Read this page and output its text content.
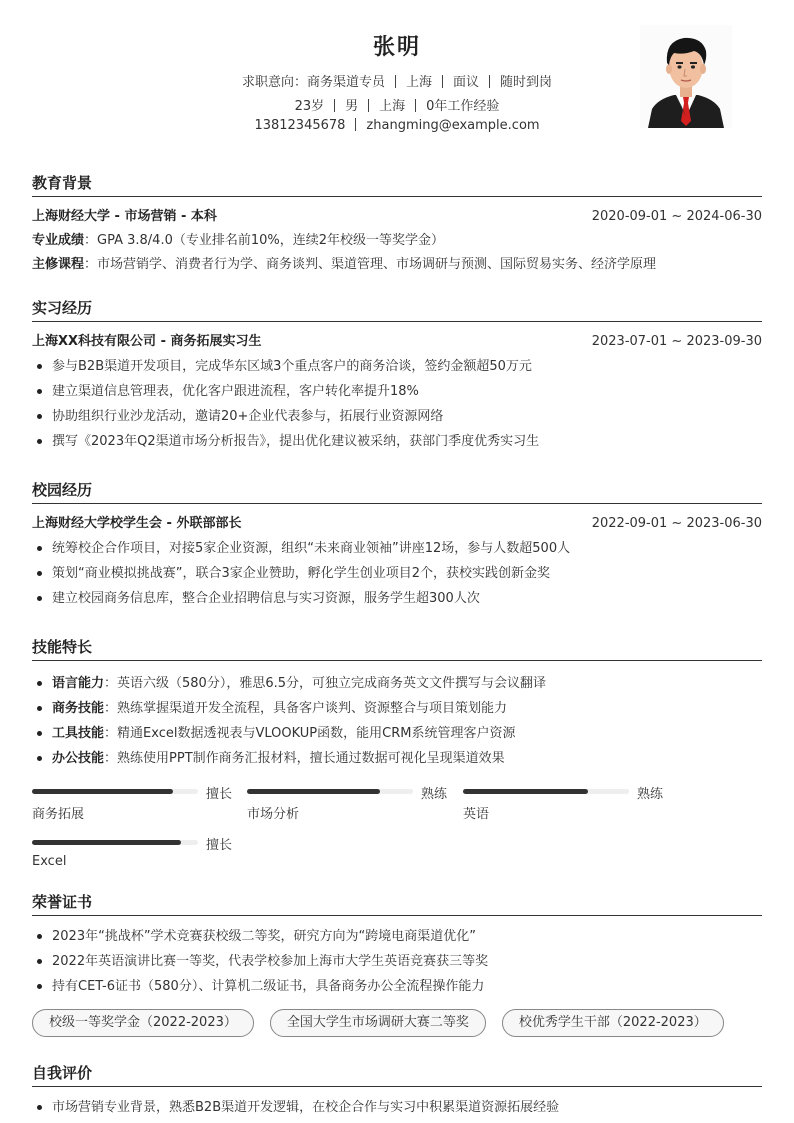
张明
求职意向：商务渠道专员 上海 面议 随时到岗
23岁 男 上海 0年工作经验
13812345678 zhangming@example.com
教育背景
上海财经大学 - 市场营销 - 本科	2020-09-01 ~ 2024-06-30
专业成绩：GPA 3.8/4.0（专业排名前10%，连续2年校级一等奖学金）
主修课程：市场营销学、消费者行为学、商务谈判、渠道管理、市场调研与预测、国际贸易实务、经济学原理
实习经历
上海XX科技有限公司 - 商务拓展实习生	2023-07-01 ~ 2023-09-30
参与B2B渠道开发项目，完成华东区域3个重点客户的商务洽谈，签约金额超50万元
建立渠道信息管理表，优化客户跟进流程，客户转化率提升18%
协助组织行业沙龙活动，邀请20+企业代表参与，拓展行业资源网络
撰写《2023年Q2渠道市场分析报告》，提出优化建议被采纳，获部门季度优秀实习生
校园经历
上海财经大学校学生会 - 外联部部长	2022-09-01 ~ 2023-06-30
统筹校企合作项目，对接5家企业资源，组织“未来商业领袖”讲座12场，参与人数超500人
策划“商业模拟挑战赛”，联合3家企业赞助，孵化学生创业项目2个，获校实践创新金奖
建立校园商务信息库，整合企业招聘信息与实习资源，服务学生超300人次
技能特长
语言能力：英语六级（580分），雅思6.5分，可独立完成商务英文文件撰写与会议翻译
商务技能：熟练掌握渠道开发全流程，具备客户谈判、资源整合与项目策划能力
工具技能：精通Excel数据透视表与VLOOKUP函数，能用CRM系统管理客户资源
办公技能：熟练使用PPT制作商务汇报材料，擅长通过数据可视化呈现渠道效果
擅长
商务拓展
熟练
市场分析
熟练
英语
擅长
Excel
荣誉证书
2023年“挑战杯”学术竞赛获校级二等奖，研究方向为“跨境电商渠道优化”
2022年英语演讲比赛一等奖，代表学校参加上海市大学生英语竞赛获三等奖
持有CET-6证书（580分）、计算机二级证书，具备商务办公全流程操作能力
校级一等奖学金（2022-2023）	全国大学生市场调研大赛二等奖	校优秀学生干部（2022-2023）
自我评价
市场营销专业背景，熟悉B2B渠道开发逻辑，在校企合作与实习中积累渠道资源拓展经验
